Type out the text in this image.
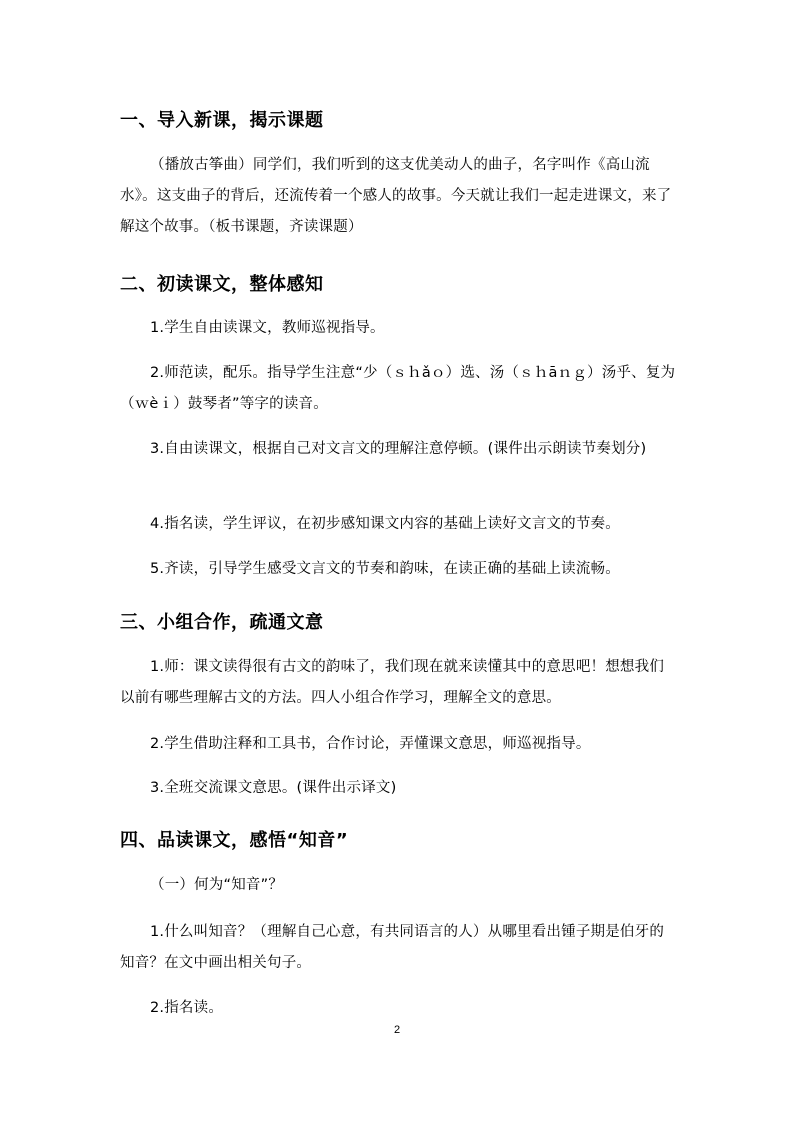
一、导入新课，揭示课题
（播放古筝曲）同学们，我们听到的这支优美动人的曲子，名字叫作《高山流水》。这支曲子的背后，还流传着一个感人的故事。今天就让我们一起走进课文，来了解这个故事。（板书课题，齐读课题）
二、初读课文，整体感知
1.学生自由读课文，教师巡视指导。
2.师范读，配乐。指导学生注意“少（ｓｈǎｏ）选、汤（ｓｈāｎｇ）汤乎、复为（ｗèｉ）鼓琴者”等字的读音。
3.自由读课文，根据自己对文言文的理解注意停顿。(课件出示朗读节奏划分)
4.指名读，学生评议，在初步感知课文内容的基础上读好文言文的节奏。
5.齐读，引导学生感受文言文的节奏和韵味，在读正确的基础上读流畅。
三、小组合作，疏通文意
1.师：课文读得很有古文的韵味了，我们现在就来读懂其中的意思吧！想想我们以前有哪些理解古文的方法。四人小组合作学习，理解全文的意思。
2.学生借助注释和工具书，合作讨论，弄懂课文意思，师巡视指导。
3.全班交流课文意思。(课件出示译文)
四、品读课文，感悟“知音”
（一）何为“知音”？
1.什么叫知音？（理解自己心意，有共同语言的人）从哪里看出锺子期是伯牙的知音？在文中画出相关句子。
2.指名读。
2
